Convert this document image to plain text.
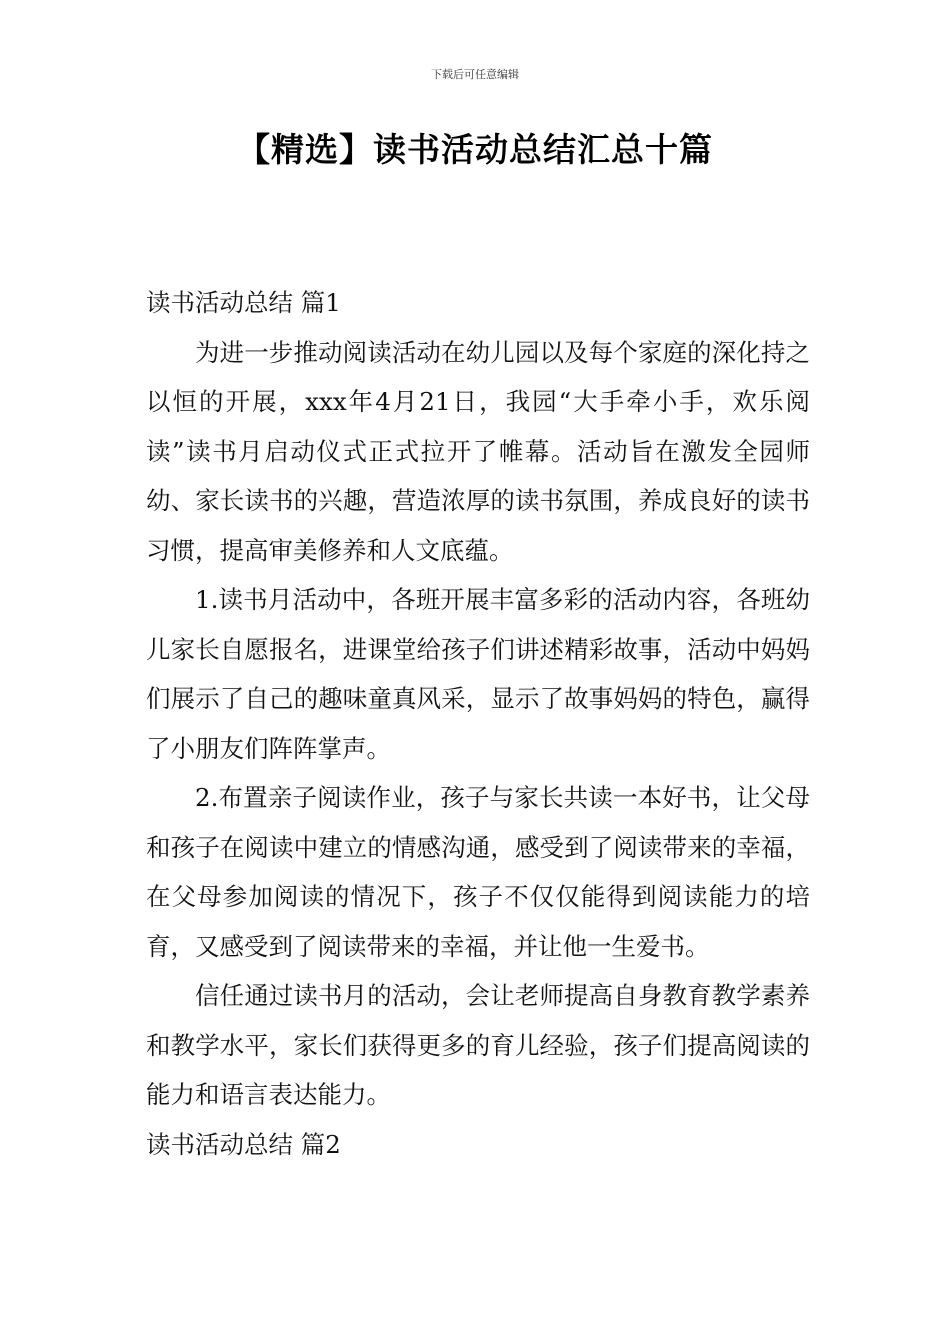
下载后可任意编辑
【精选】读书活动总结汇总十篇
读书活动总结 篇1

为进一步推动阅读活动在幼儿园以及每个家庭的深化持之以恒的开展，xxx年4月21日，我园“大手牵小手，欢乐阅读”读书月启动仪式正式拉开了帷幕。活动旨在激发全园师幼、家长读书的兴趣，营造浓厚的读书氛围，养成良好的读书习惯，提高审美修养和人文底蕴。

1.读书月活动中，各班开展丰富多彩的活动内容，各班幼儿家长自愿报名，进课堂给孩子们讲述精彩故事，活动中妈妈们展示了自己的趣味童真风采，显示了故事妈妈的特色，赢得了小朋友们阵阵掌声。

2.布置亲子阅读作业，孩子与家长共读一本好书，让父母和孩子在阅读中建立的情感沟通，感受到了阅读带来的幸福，在父母参加阅读的情况下，孩子不仅仅能得到阅读能力的培育，又感受到了阅读带来的幸福，并让他一生爱书。

信任通过读书月的活动，会让老师提高自身教育教学素养和教学水平，家长们获得更多的育儿经验，孩子们提高阅读的能力和语言表达能力。

读书活动总结 篇2
